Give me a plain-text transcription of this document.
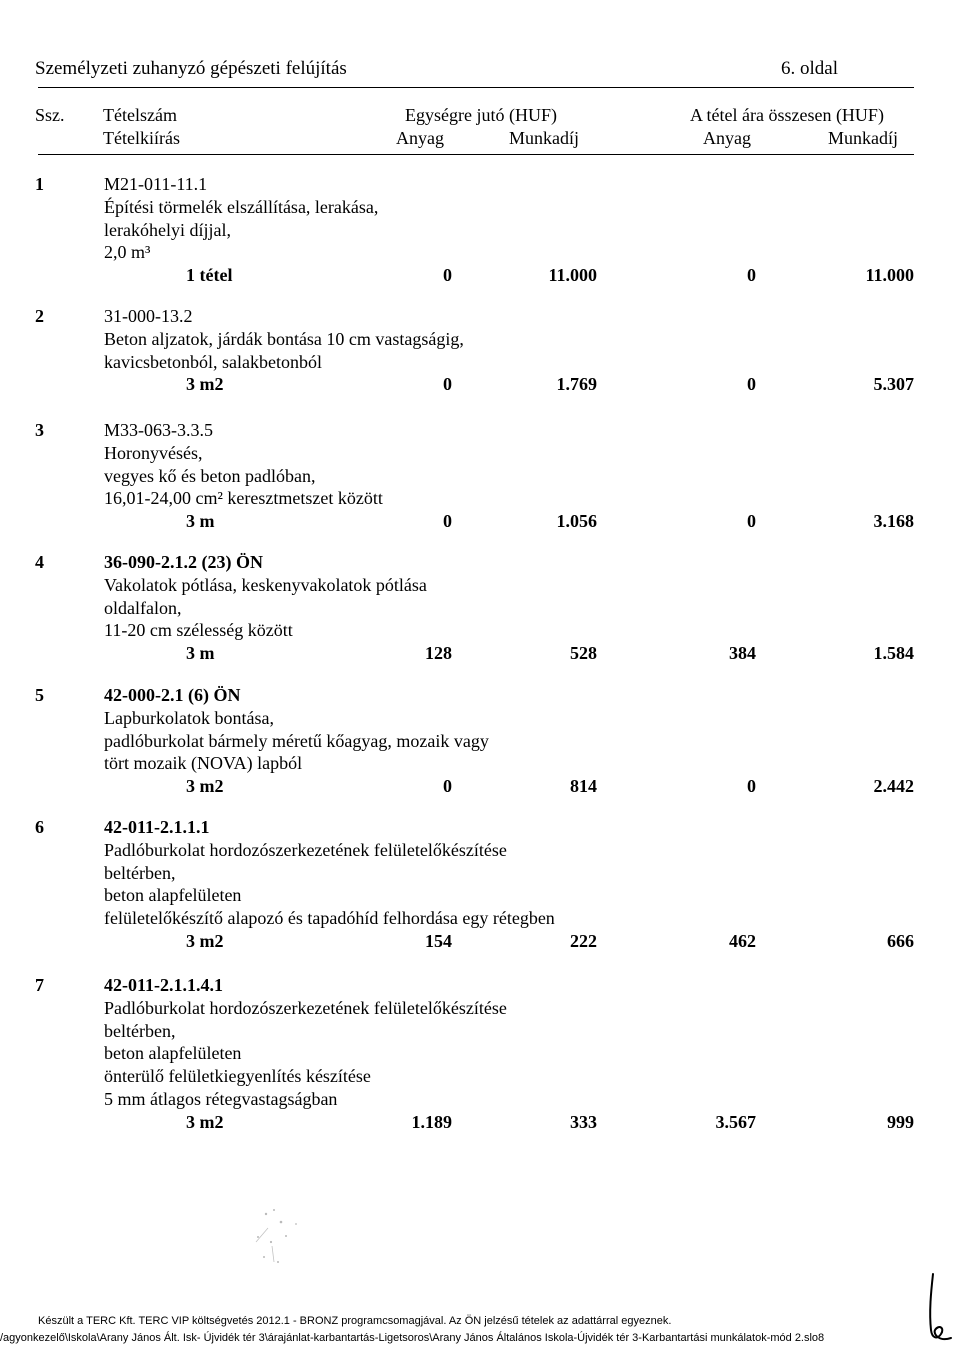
Személyzeti zuhanyzó gépészeti felújítás	6. oldal
Ssz. Tételszám
Tételkiírás
Egységre jutó (HUF)
Anyag	Munkadíj
A tétel ára összesen (HUF)
Anyag	Munkadíj
1	M21-011-11.1
Építési törmelék elszállítása, lerakása,
lerakóhelyi díjjal,
2,0 m³
1 tétel	0	11.000	0	11.000
2	31-000-13.2
Beton aljzatok, járdák bontása 10 cm vastagságig,
kavicsbetonból, salakbetonból
3 m2	0	1.769	0	5.307
3	M33-063-3.3.5
Horonyvésés,
vegyes kő és beton padlóban,
16,01-24,00 cm² keresztmetszet között
3 m	0	1.056	0	3.168
4	36-090-2.1.2 (23) ÖN
Vakolatok pótlása, keskenyvakolatok pótlása
oldalfalon,
11-20 cm szélesség között
3 m	128	528	384	1.584
5	42-000-2.1 (6) ÖN
Lapburkolatok bontása,
padlóburkolat bármely méretű kőagyag, mozaik vagy
tört mozaik (NOVA) lapból
3 m2	0	814	0	2.442
6	42-011-2.1.1.1
Padlóburkolat hordozószerkezetének felületelőkészítése
beltérben,
beton alapfelületen
felületelőkészítő alapozó és tapadóhíd felhordása egy rétegben
3 m2	154	222	462	666
7	42-011-2.1.1.4.1
Padlóburkolat hordozószerkezetének felületelőkészítése
beltérben,
beton alapfelületen
önterülő felületkiegyenlítés készítése
5 mm átlagos rétegvastagságban
3 m2	1.189	333	3.567	999
Készült a TERC Kft. TERC VIP költségvetés 2012.1 - BRONZ programcsomagjával. Az ÖN jelzésű tételek az adattárral egyeznek.
/agyonkezelő\Iskola\Arany János Ált. Isk- Újvidék tér 3\árajánlat-karbantartás-Ligetsoros\Arany János Általános Iskola-Újvidék tér 3-Karbantartási munkálatok-mód 2.slo8
